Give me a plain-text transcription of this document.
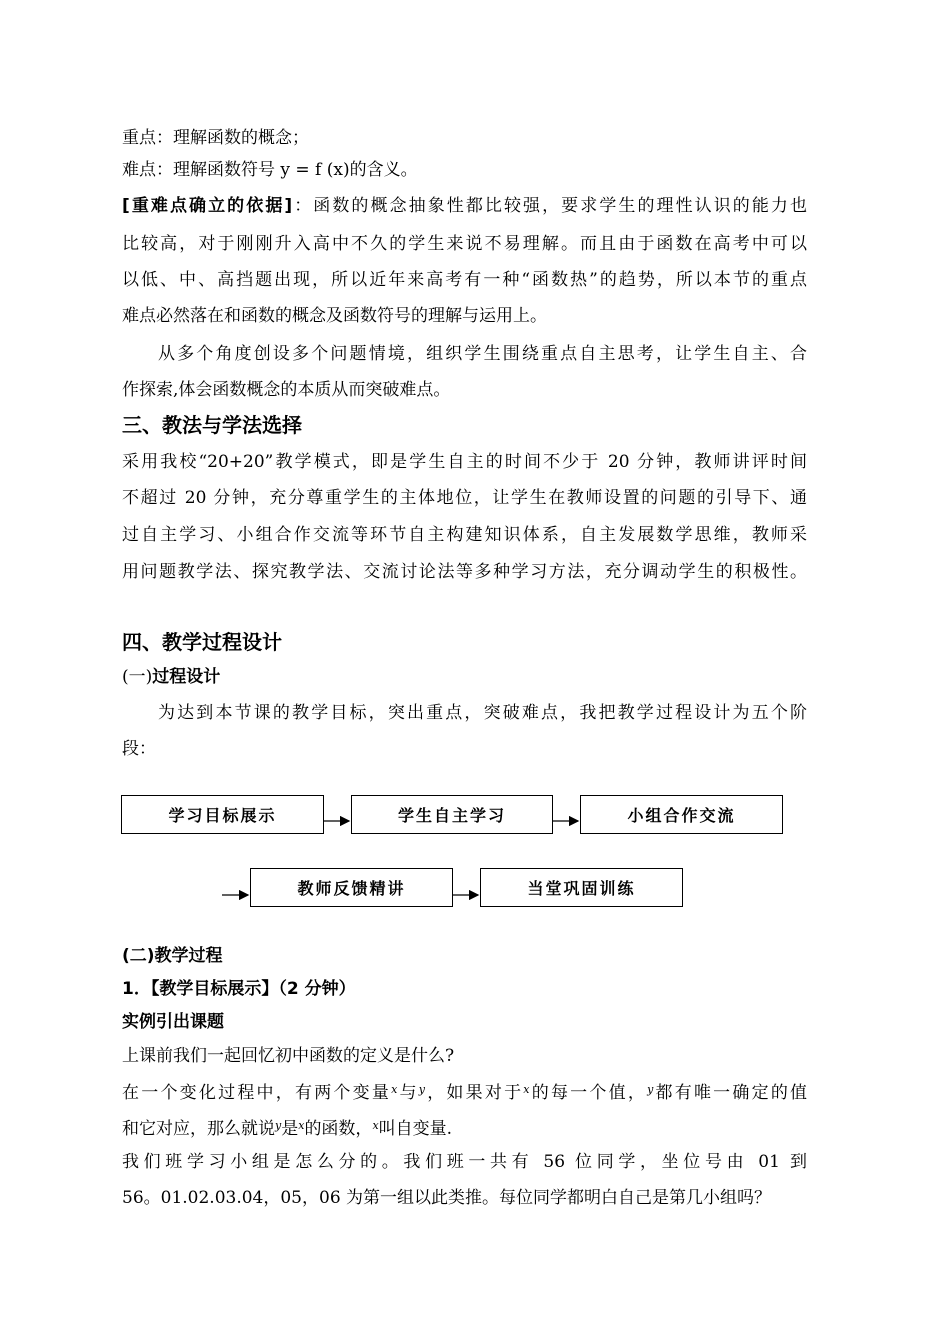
重点：理解函数的概念；
难点：理解函数符号 y = f (x)的含义。
[重难点确立的依据]：函数的概念抽象性都比较强，要求学生的理性认识的能力也
比较高，对于刚刚升入高中不久的学生来说不易理解。而且由于函数在高考中可以
以低、中、高挡题出现，所以近年来高考有一种“函数热”的趋势，所以本节的重点
难点必然落在和函数的概念及函数符号的理解与运用上。
从多个角度创设多个问题情境，组织学生围绕重点自主思考，让学生自主、合
作探索,体会函数概念的本质从而突破难点。
三、教法与学法选择
采用我校“20+20”教学模式，即是学生自主的时间不少于 20 分钟，教师讲评时间
不超过 20 分钟，充分尊重学生的主体地位，让学生在教师设置的问题的引导下、通
过自主学习、小组合作交流等环节自主构建知识体系，自主发展数学思维，教师采
用问题教学法、探究教学法、交流讨论法等多种学习方法，充分调动学生的积极性。
四、教学过程设计
(一)过程设计
为达到本节课的教学目标，突出重点，突破难点，我把教学过程设计为五个阶
段：
学习目标展示	学生自主学习	小组合作交流
教师反馈精讲	当堂巩固训练
(二)教学过程
1．【教学目标展示】（2 分钟）
实例引出课题
上课前我们一起回忆初中函数的定义是什么?
在一个变化过程中，有两个变量$^x$与$^y$，如果对于$^x$的每一个值，$^y$都有唯一确定的值
和它对应，那么就说$^y$是$^x$的函数，$^x$叫自变量.
我们班学习小组是怎么分的。我们班一共有 56 位同学，坐位号由 01 到
56。01.02.03.04，05，06 为第一组以此类推。每位同学都明白自己是第几小组吗？
